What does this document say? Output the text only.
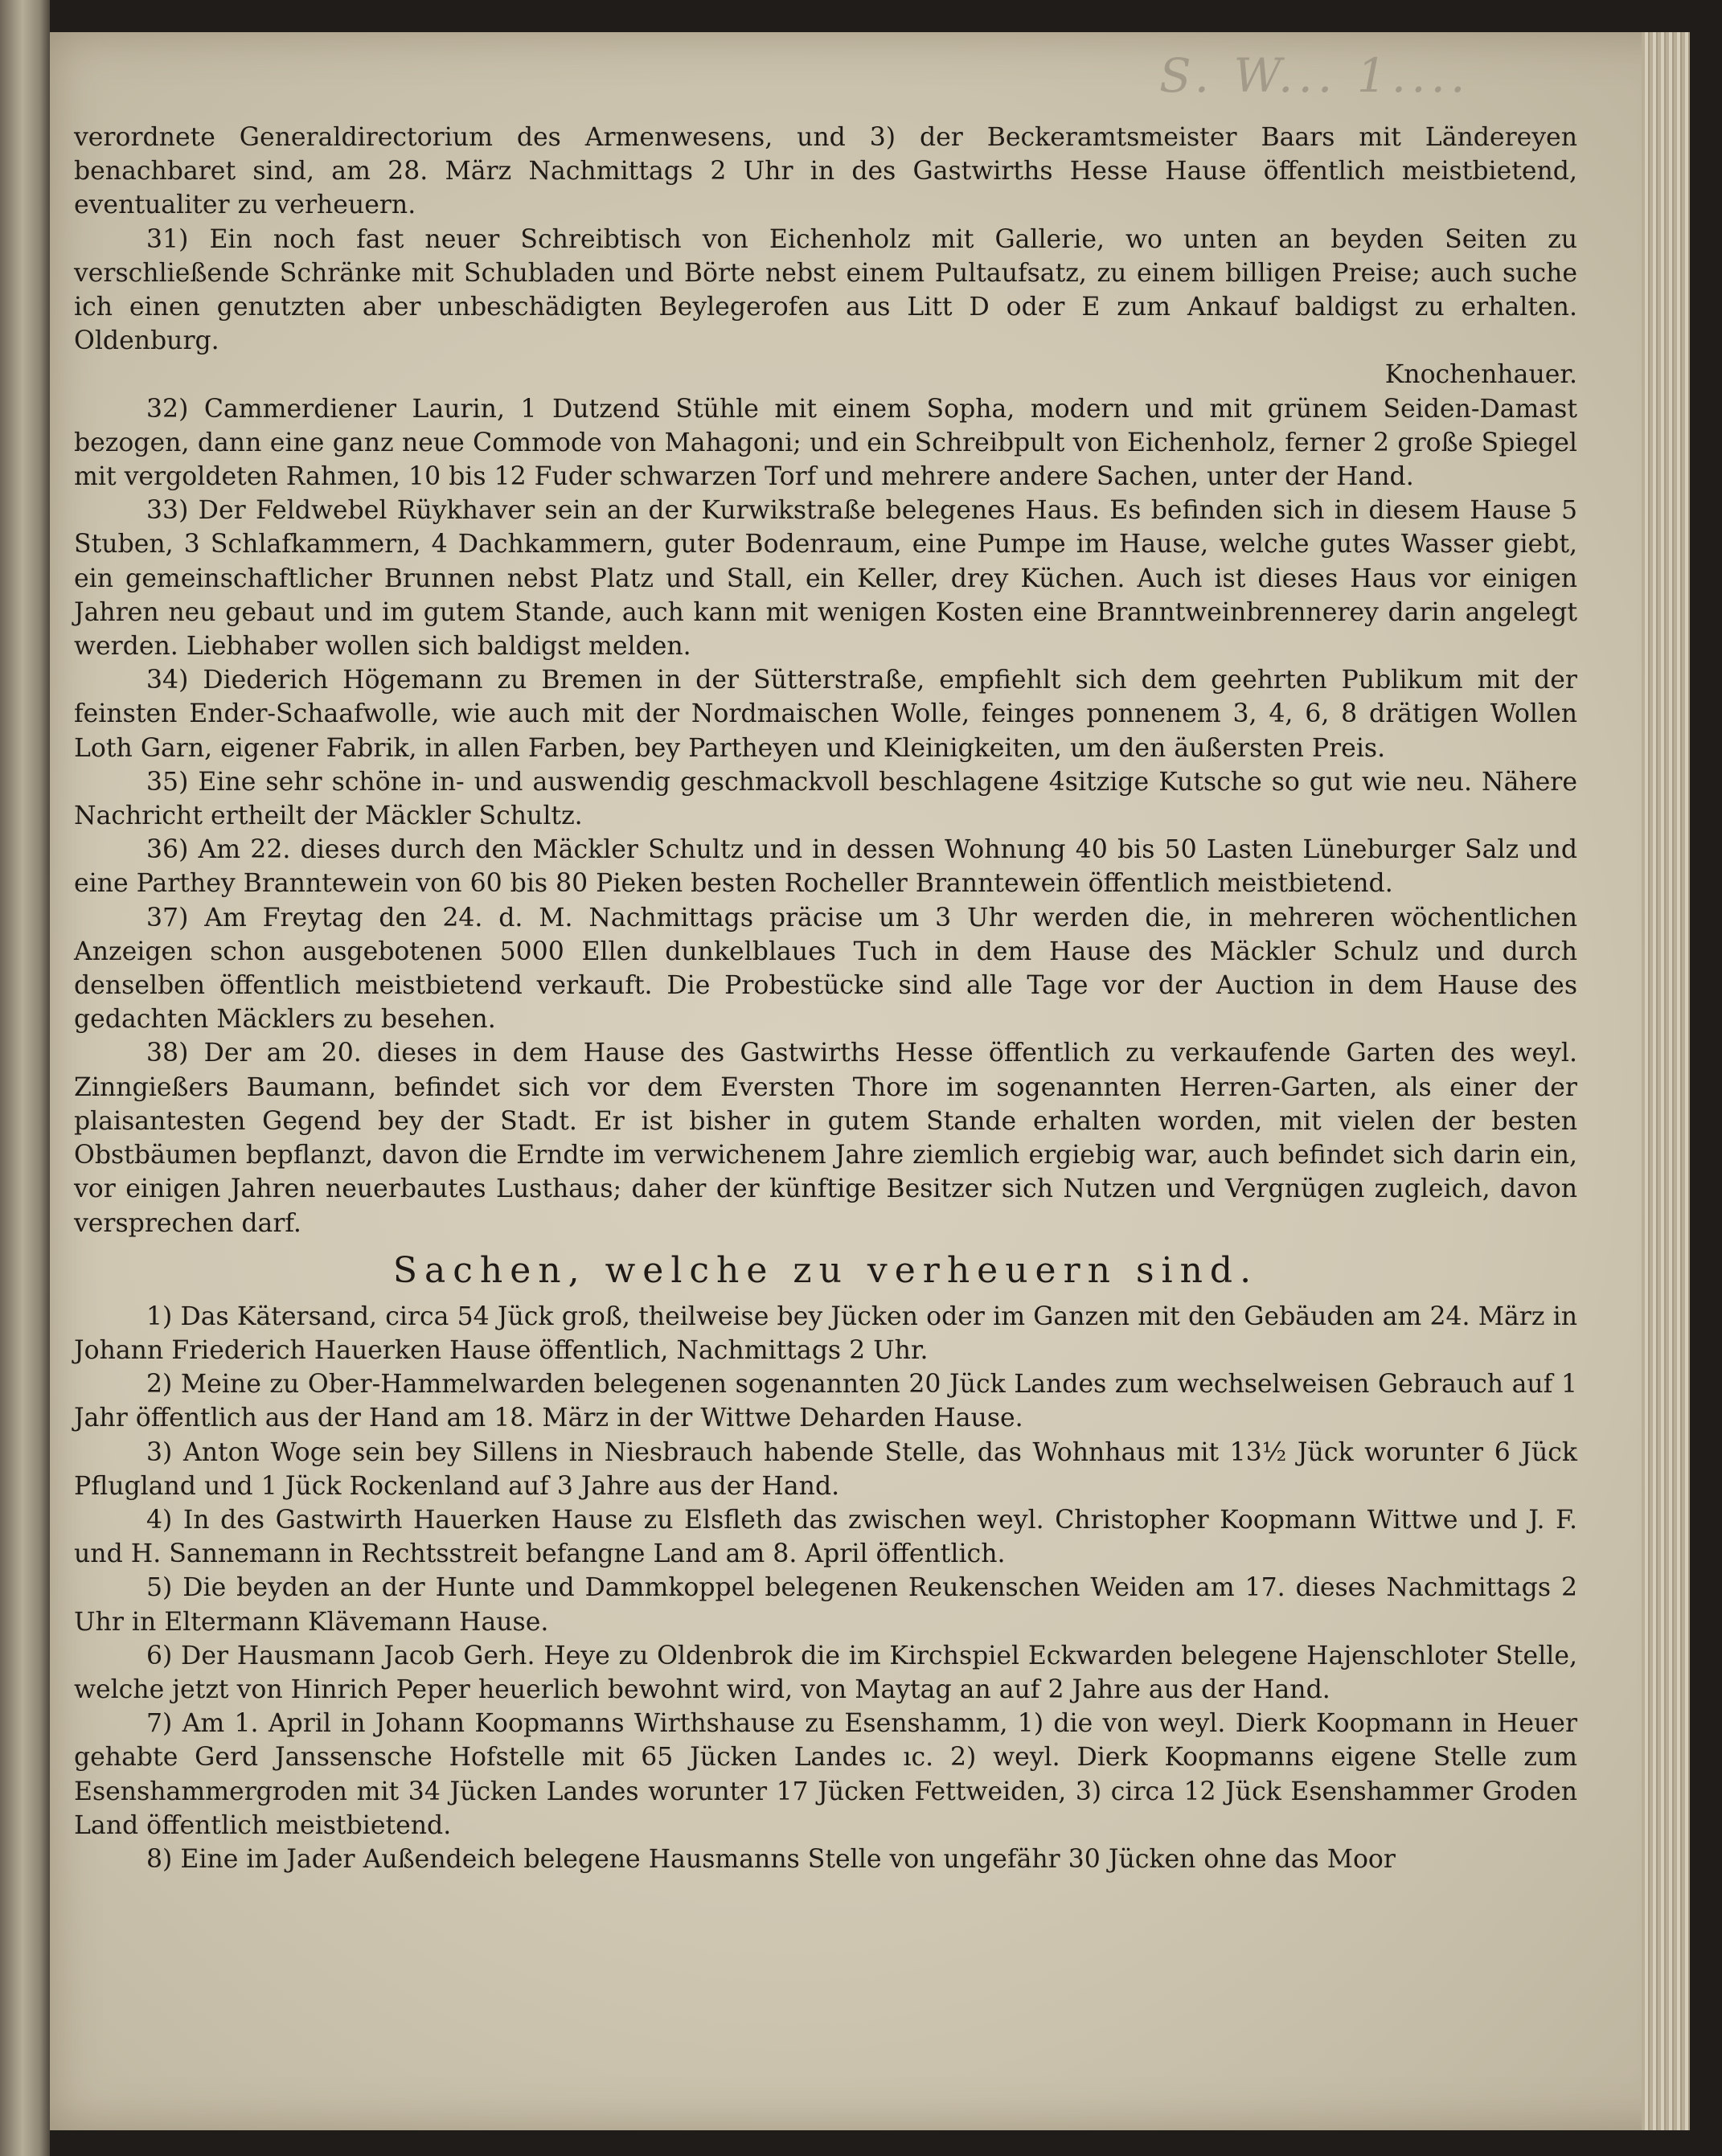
S. W... 1....

verordnete Generaldirectorium des Armenwesens, und 3) der Beckeramtsmeister Baars mit Ländereyen benachbaret sind, am 28. März Nachmittags 2 Uhr in des Gastwirths Hesse Hause öffentlich meistbietend, eventualiter zu verheuern.

31) Ein noch fast neuer Schreibtisch von Eichenholz mit Gallerie, wo unten an beyden Seiten zu verschließende Schränke mit Schubladen und Börte nebst einem Pultaufsatz, zu einem billigen Preise; auch suche ich einen genutzten aber unbeschädigten Beylegerofen aus Litt D oder E zum Ankauf baldigst zu erhalten. Oldenburg.

Knochenhauer.

32) Cammerdiener Laurin, 1 Dutzend Stühle mit einem Sopha, modern und mit grünem Seiden-Damast bezogen, dann eine ganz neue Commode von Mahagoni; und ein Schreibpult von Eichenholz, ferner 2 große Spiegel mit vergoldeten Rahmen, 10 bis 12 Fuder schwarzen Torf und mehrere andere Sachen, unter der Hand.

33) Der Feldwebel Rüykhaver sein an der Kurwikstraße belegenes Haus. Es befinden sich in diesem Hause 5 Stuben, 3 Schlafkammern, 4 Dachkammern, guter Bodenraum, eine Pumpe im Hause, welche gutes Wasser giebt, ein gemeinschaftlicher Brunnen nebst Platz und Stall, ein Keller, drey Küchen. Auch ist dieses Haus vor einigen Jahren neu gebaut und im gutem Stande, auch kann mit wenigen Kosten eine Branntweinbrennerey darin angelegt werden. Liebhaber wollen sich baldigst melden.

34) Diederich Högemann zu Bremen in der Sütterstraße, empfiehlt sich dem geehrten Publikum mit der feinsten Ender-Schaafwolle, wie auch mit der Nordmaischen Wolle, feinges ponnenem 3, 4, 6, 8 drätigen Wollen Loth Garn, eigener Fabrik, in allen Farben, bey Partheyen und Kleinigkeiten, um den äußersten Preis.

35) Eine sehr schöne in- und auswendig geschmackvoll beschlagene 4sitzige Kutsche so gut wie neu. Nähere Nachricht ertheilt der Mäckler Schultz.

36) Am 22. dieses durch den Mäckler Schultz und in dessen Wohnung 40 bis 50 Lasten Lüneburger Salz und eine Parthey Branntewein von 60 bis 80 Pieken besten Rocheller Branntewein öffentlich meistbietend.

37) Am Freytag den 24. d. M. Nachmittags präcise um 3 Uhr werden die, in mehreren wöchentlichen Anzeigen schon ausgebotenen 5000 Ellen dunkelblaues Tuch in dem Hause des Mäckler Schulz und durch denselben öffentlich meistbietend verkauft. Die Probestücke sind alle Tage vor der Auction in dem Hause des gedachten Mäcklers zu besehen.

38) Der am 20. dieses in dem Hause des Gastwirths Hesse öffentlich zu verkaufende Garten des weyl. Zinngießers Baumann, befindet sich vor dem Eversten Thore im sogenannten Herren-Garten, als einer der plaisantesten Gegend bey der Stadt. Er ist bisher in gutem Stande erhalten worden, mit vielen der besten Obstbäumen bepflanzt, davon die Erndte im verwichenem Jahre ziemlich ergiebig war, auch befindet sich darin ein, vor einigen Jahren neuerbautes Lusthaus; daher der künftige Besitzer sich Nutzen und Vergnügen zugleich, davon versprechen darf.

Sachen, welche zu verheuern sind.

1) Das Kätersand, circa 54 Jück groß, theilweise bey Jücken oder im Ganzen mit den Gebäuden am 24. März in Johann Friederich Hauerken Hause öffentlich, Nachmittags 2 Uhr.

2) Meine zu Ober-Hammelwarden belegenen sogenannten 20 Jück Landes zum wechselweisen Gebrauch auf 1 Jahr öffentlich aus der Hand am 18. März in der Wittwe Deharden Hause.

3) Anton Woge sein bey Sillens in Niesbrauch habende Stelle, das Wohnhaus mit 13½ Jück worunter 6 Jück Pflugland und 1 Jück Rockenland auf 3 Jahre aus der Hand.

4) In des Gastwirth Hauerken Hause zu Elsfleth das zwischen weyl. Christopher Koopmann Wittwe und J. F. und H. Sannemann in Rechtsstreit befangne Land am 8. April öffentlich.

5) Die beyden an der Hunte und Dammkoppel belegenen Reukenschen Weiden am 17. dieses Nachmittags 2 Uhr in Eltermann Klävemann Hause.

6) Der Hausmann Jacob Gerh. Heye zu Oldenbrok die im Kirchspiel Eckwarden belegene Hajenschloter Stelle, welche jetzt von Hinrich Peper heuerlich bewohnt wird, von Maytag an auf 2 Jahre aus der Hand.

7) Am 1. April in Johann Koopmanns Wirthshause zu Esenshamm, 1) die von weyl. Dierk Koopmann in Heuer gehabte Gerd Janssensche Hofstelle mit 65 Jücken Landes ıc. 2) weyl. Dierk Koopmanns eigene Stelle zum Esenshammergroden mit 34 Jücken Landes worunter 17 Jücken Fettweiden, 3) circa 12 Jück Esenshammer Groden Land öffentlich meistbietend.

8) Eine im Jader Außendeich belegene Hausmanns Stelle von ungefähr 30 Jücken ohne das Moor
